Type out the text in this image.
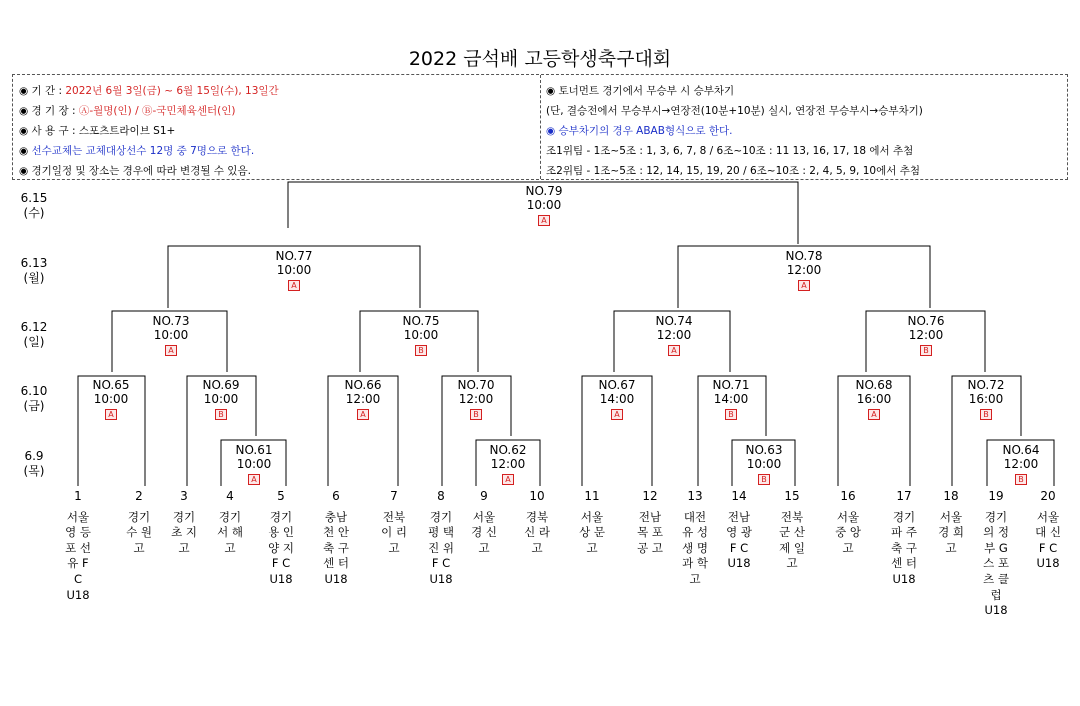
2022 금석배 고등학생축구대회
◉ 기 간 : 2022년 6월 3일(금) ~ 6월 15일(수), 13일간
◉ 경 기 장 : Ⓐ-월명(인) / Ⓑ-국민체육센터(인)
◉ 사 용 구 : 스포츠트라이브 S1+
◉ 선수교체는 교체대상선수 12명 중 7명으로 한다.
◉ 경기일정 및 장소는 경우에 따라 변경될 수 있음.
◉ 토너먼트 경기에서 무승부 시 승부차기
(단, 결승전에서 무승부시→연장전(10분+10분) 실시, 연장전 무승부시→승부차기)
◉ 승부차기의 경우 ABAB형식으로 한다.
조1위팀 - 1조~5조 : 1, 3, 6, 7, 8 / 6조~10조 : 11 13, 16, 17, 18 에서 추첨
조2위팀 - 1조~5조 : 12, 14, 15, 19, 20 / 6조~10조 : 2, 4, 5, 9, 10에서 추첨
6.15
(수)
6.13
(월)
6.12
(일)
6.10
(금)
6.9
(목)
NO.79
10:00
A
NO.77
10:00
A
NO.78
12:00
A
NO.73
10:00
A
NO.75
10:00
B
NO.74
12:00
A
NO.76
12:00
B
NO.65
10:00
A
NO.69
10:00
B
NO.66
12:00
A
NO.70
12:00
B
NO.67
14:00
A
NO.71
14:00
B
NO.68
16:00
A
NO.72
16:00
B
NO.61
10:00
A
NO.62
12:00
A
NO.63
10:00
B
NO.64
12:00
B
1
서울 영 등 포 선 유 F C U18
2
경기 수 원 고
3
경기 초 지 고
4
경기 서 해 고
5
경기 용 인 양 지 F C U18
6
충남 천 안 축 구 센 터 U18
7
전북 이 리 고
8
경기 평 택 진 위 F C U18
9
서울 경 신 고
10
경북 신 라 고
11
서울 상 문 고
12
전남 목 포 공 고
13
대전 유 성 생 명 과 학 고
14
전남 영 광 F C U18
15
전북 군 산 제 일 고
16
서울 중 앙 고
17
경기 파 주 축 구 센 터 U18
18
서울 경 희 고
19
경기 의 정 부 G 스 포 츠 클 럽 U18
20
서울 대 신 F C U18
